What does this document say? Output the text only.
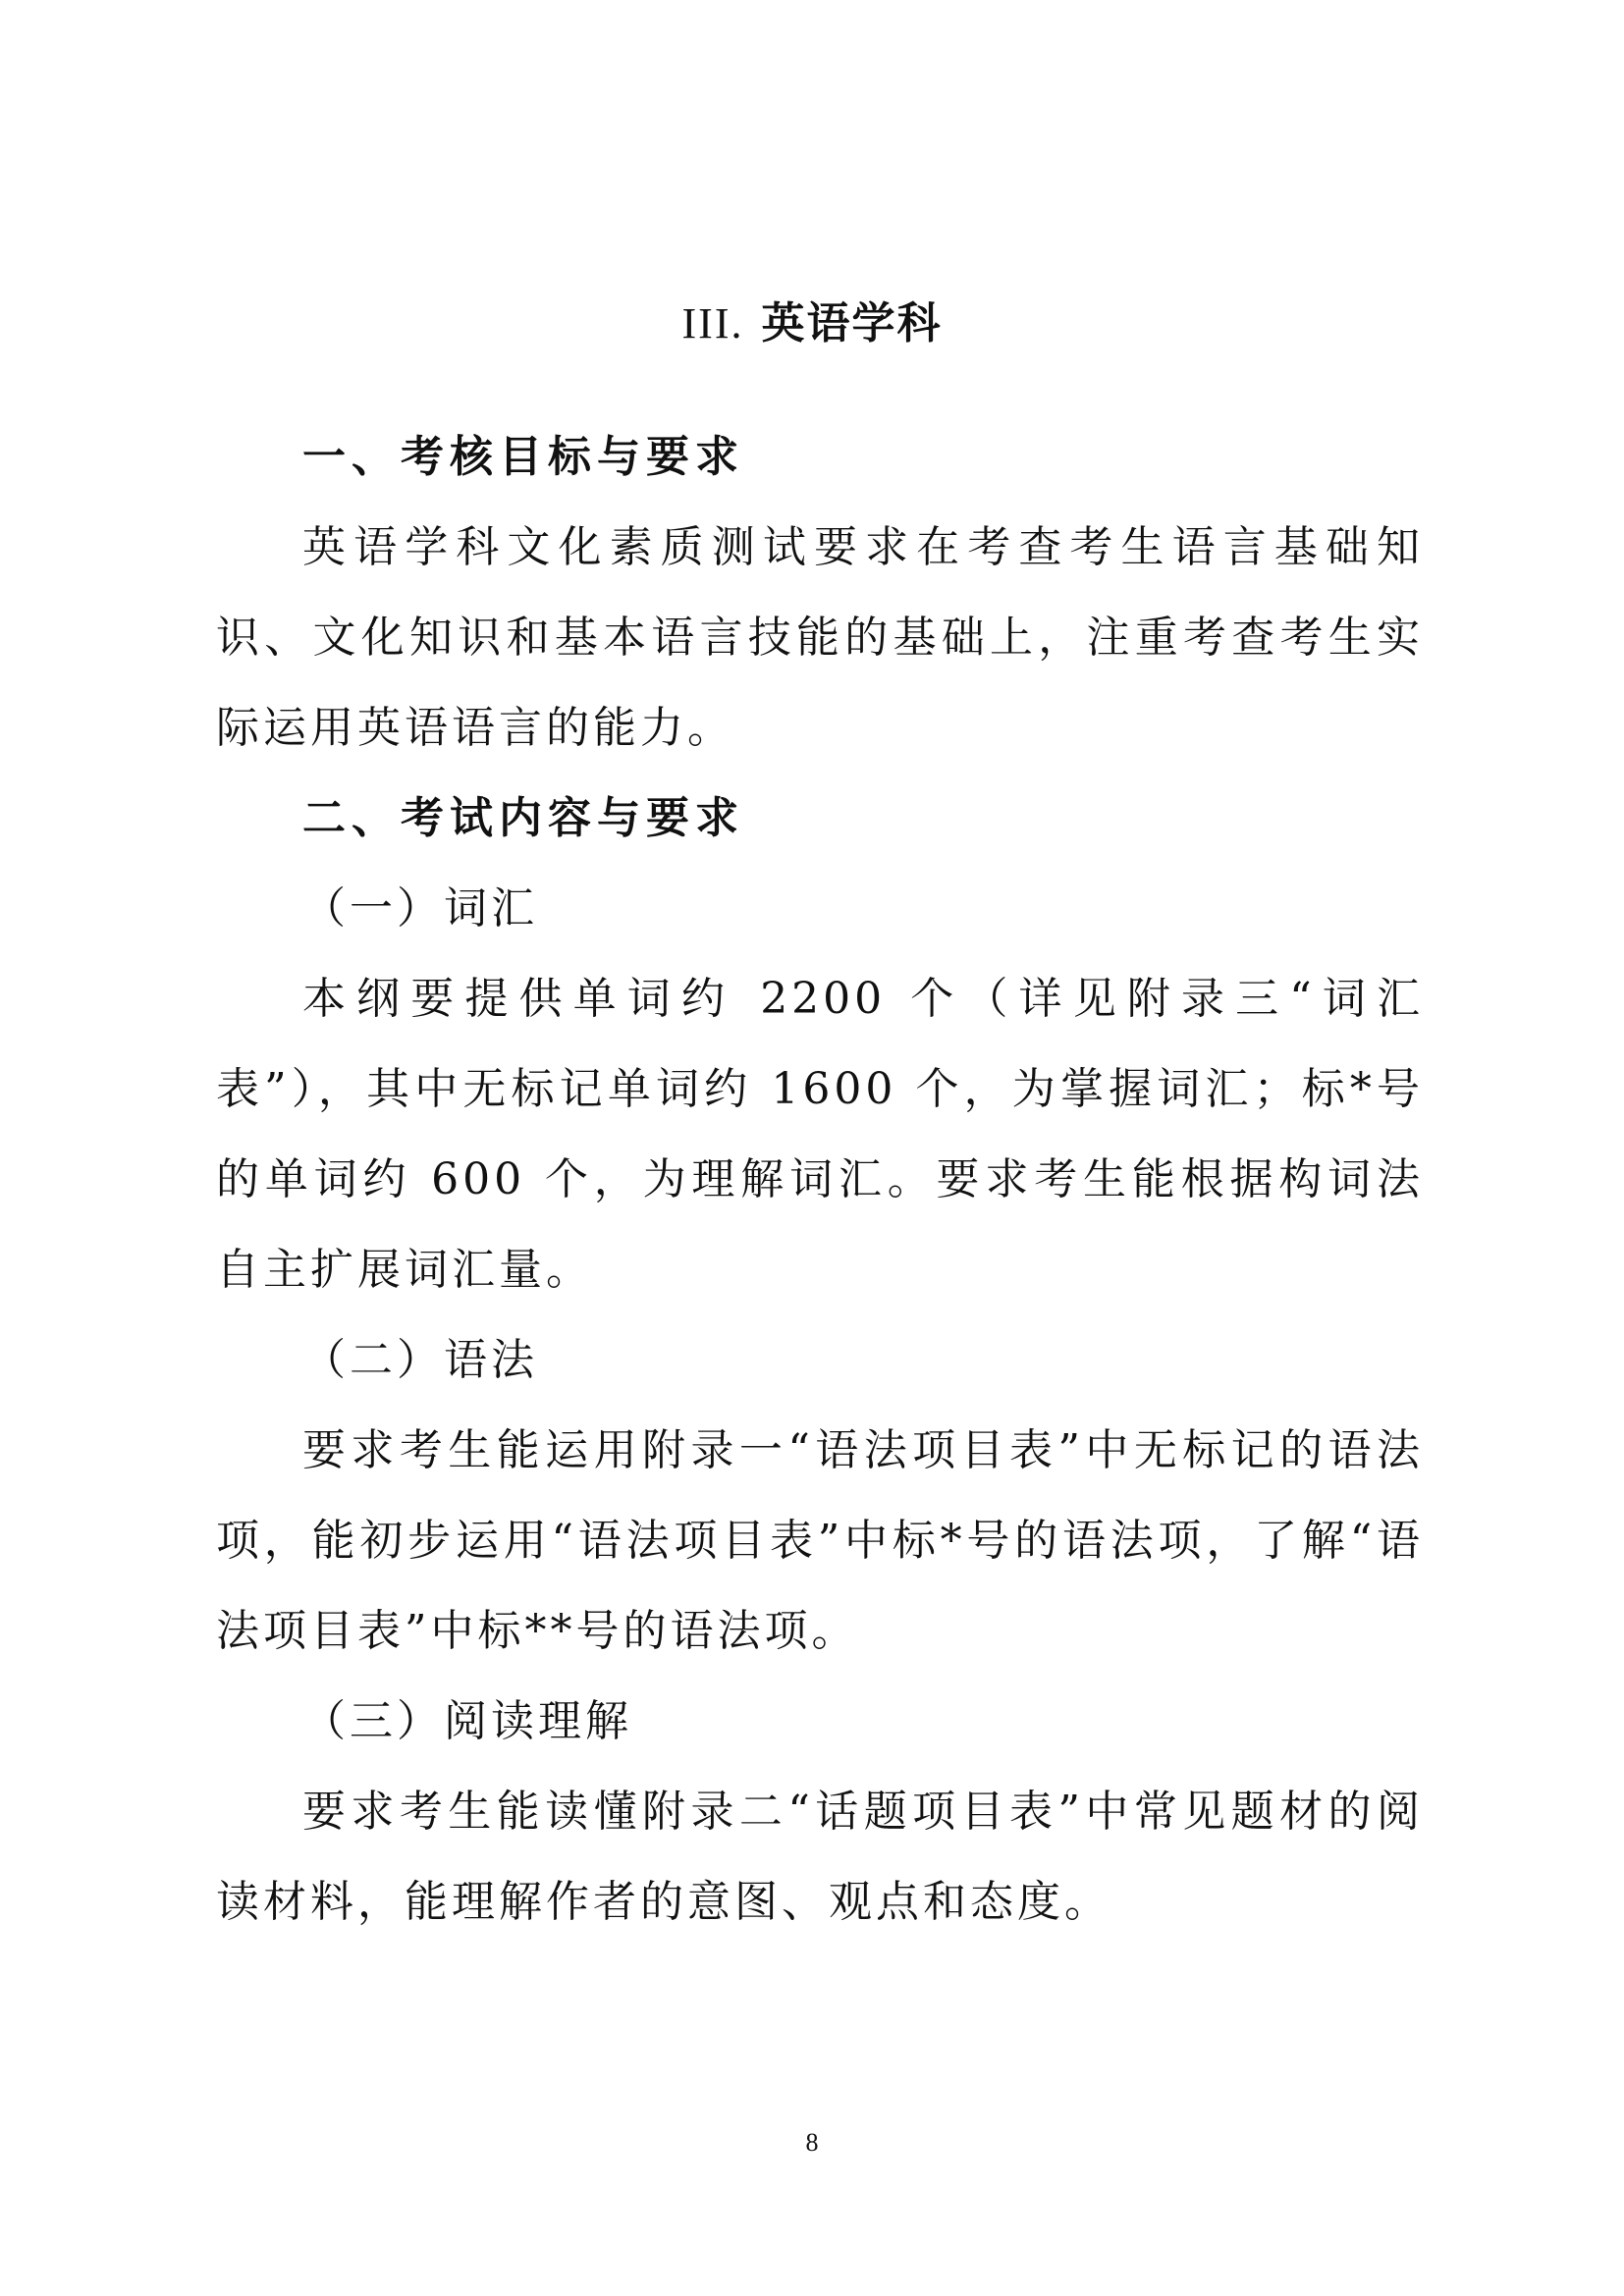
III. 英语学科

一、考核目标与要求

英语学科文化素质测试要求在考查考生语言基础知识、文化知识和基本语言技能的基础上，注重考查考生实际运用英语语言的能力。

二、考试内容与要求

（一）词汇

本纲要提供单词约 2200 个（详见附录三“词汇表”），其中无标记单词约 1600 个，为掌握词汇；标*号的单词约 600 个，为理解词汇。要求考生能根据构词法自主扩展词汇量。

（二）语法

要求考生能运用附录一“语法项目表”中无标记的语法项，能初步运用“语法项目表”中标*号的语法项，了解“语法项目表”中标**号的语法项。

（三）阅读理解

要求考生能读懂附录二“话题项目表”中常见题材的阅读材料，能理解作者的意图、观点和态度。

8
